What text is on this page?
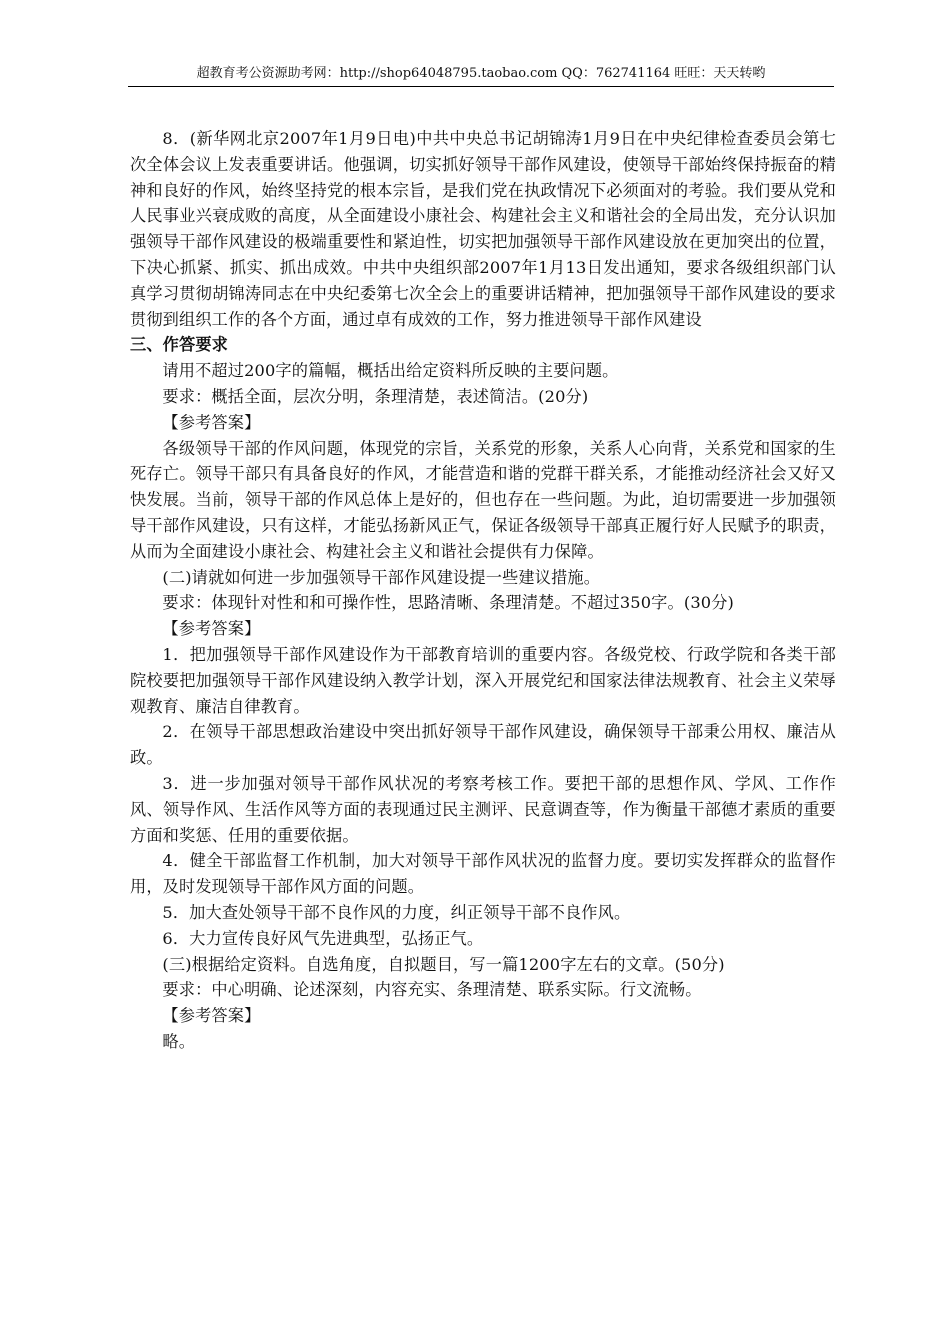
超教育考公资源助考网：http://shop64048795.taobao.com QQ：762741164 旺旺：天天转哟

8．(新华网北京2007年1月9日电)中共中央总书记胡锦涛1月9日在中央纪律检查委员会第七次全体会议上发表重要讲话。他强调，切实抓好领导干部作风建设，使领导干部始终保持振奋的精神和良好的作风，始终坚持党的根本宗旨，是我们党在执政情况下必须面对的考验。我们要从党和人民事业兴衰成败的高度，从全面建设小康社会、构建社会主义和谐社会的全局出发，充分认识加强领导干部作风建设的极端重要性和紧迫性，切实把加强领导干部作风建设放在更加突出的位置，下决心抓紧、抓实、抓出成效。中共中央组织部2007年1月13日发出通知，要求各级组织部门认真学习贯彻胡锦涛同志在中央纪委第七次全会上的重要讲话精神，把加强领导干部作风建设的要求贯彻到组织工作的各个方面，通过卓有成效的工作，努力推进领导干部作风建设

三、作答要求

请用不超过200字的篇幅，概括出给定资料所反映的主要问题。

要求：概括全面，层次分明，条理清楚，表述简洁。(20分)

【参考答案】

各级领导干部的作风问题，体现党的宗旨，关系党的形象，关系人心向背，关系党和国家的生死存亡。领导干部只有具备良好的作风，才能营造和谐的党群干群关系，才能推动经济社会又好又快发展。当前，领导干部的作风总体上是好的，但也存在一些问题。为此，迫切需要进一步加强领导干部作风建设，只有这样，才能弘扬新风正气，保证各级领导干部真正履行好人民赋予的职责，从而为全面建设小康社会、构建社会主义和谐社会提供有力保障。

(二)请就如何进一步加强领导干部作风建设提一些建议措施。

要求：体现针对性和和可操作性，思路清晰、条理清楚。不超过350字。(30分)

【参考答案】

1．把加强领导干部作风建设作为干部教育培训的重要内容。各级党校、行政学院和各类干部院校要把加强领导干部作风建设纳入教学计划，深入开展党纪和国家法律法规教育、社会主义荣辱观教育、廉洁自律教育。

2．在领导干部思想政治建设中突出抓好领导干部作风建设，确保领导干部秉公用权、廉洁从政。

3．进一步加强对领导干部作风状况的考察考核工作。要把干部的思想作风、学风、工作作风、领导作风、生活作风等方面的表现通过民主测评、民意调查等，作为衡量干部德才素质的重要方面和奖惩、任用的重要依据。

4．健全干部监督工作机制，加大对领导干部作风状况的监督力度。要切实发挥群众的监督作用，及时发现领导干部作风方面的问题。

5．加大查处领导干部不良作风的力度，纠正领导干部不良作风。

6．大力宣传良好风气先进典型，弘扬正气。

(三)根据给定资料。自选角度，自拟题目，写一篇1200字左右的文章。(50分)

要求：中心明确、论述深刻，内容充实、条理清楚、联系实际。行文流畅。

【参考答案】

略。
